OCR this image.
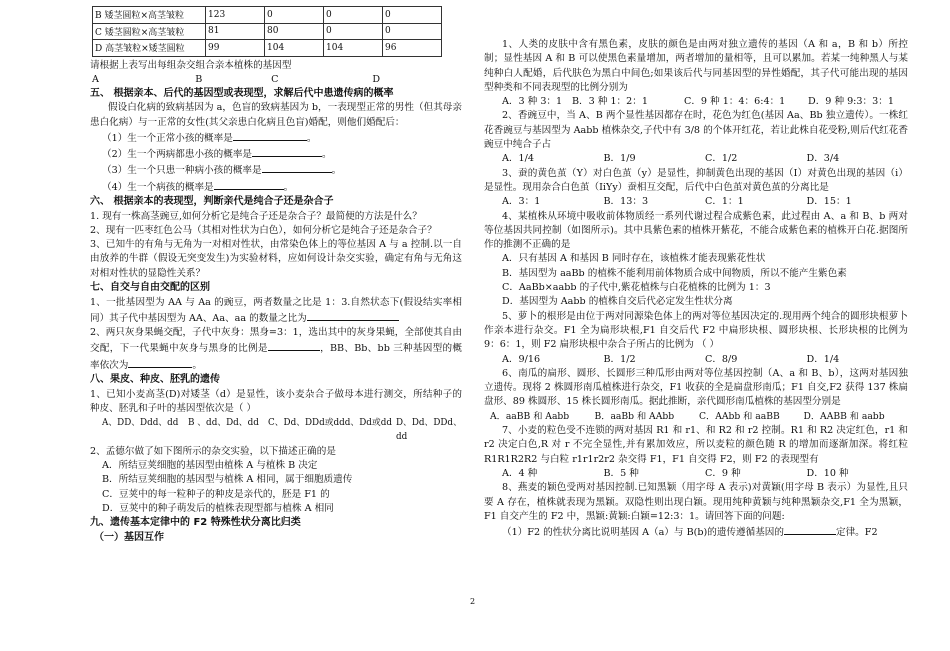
B 矮茎圆粒×高茎皱粒	123	0	0	0
C 矮茎圆粒×高茎皱粒	81	80	0	0
D 高茎皱粒×矮茎圆粒	99	104	104	96

请根据上表写出每组杂交组合亲本植株的基因型

A	B	C	D

五、 根据亲本、后代的基因型或表现型，求解后代中患遗传病的概率

假设白化病的致病基因为 a，色盲的致病基因为 b，一表现型正常的男性（但其母亲患白化病）与一正常的女性(其父亲患白化病且色盲)婚配，则他们婚配后：

（1）生一个正常小孩的概率是	。

（2）生一个两病都患小孩的概率是	。

（3）生一个只患一种病小孩的概率是	。

（4）生一个病孩的概率是	。

六、 根据亲本的表现型，判断亲代是纯合子还是杂合子

1. 现有一株高茎豌豆,如何分析它是纯合子还是杂合子？最简便的方法是什么？

2、现有一匹枣红色公马（其相对性状为白色），如何分析它是纯合子还是杂合子？

3、已知牛的有角与无角为一对相对性状，由常染色体上的等位基因 A 与 a 控制.以一自由放养的牛群（假设无突变发生)为实验材料，应如何设计杂交实验，确定有角与无角这对相对性状的显隐性关系？

七、自交与自由交配的区别

1、一批基因型为 AA 与 Aa 的豌豆，两者数量之比是 1：3.自然状态下(假设结实率相同）其子代中基因型为 AA、Aa、aa 的数量之比为

2、两只灰身果蝇交配，子代中灰身：黑身=3：1，选出其中的灰身果蝇，全部使其自由交配，下一代果蝇中灰身与黑身的比例是	，BB、Bb、bb 三种基因型的概率依次为	。

八、果皮、种皮、胚乳的遗传

1、已知小麦高茎(D)对矮茎（d）是显性，该小麦杂合子做母本进行测交，所结种子的种皮、胚乳和子叶的基因型依次是（ ）

A、DD、Ddd、dd	B 、dd、Dd、dd	C、Dd、DDd或ddd、Dd或dd D、Dd、DDd、dd

2、孟德尔做了如下图所示的杂交实验，以下描述正确的是

A．所结豆荚细胞的基因型由植株 A 与植株 B 决定

B．所结豆荚细胞的基因型与植株 A 相同，属于细胞质遗传

C．豆荚中的每一粒种子的种皮是亲代的，胚是 F1 的

D．豆荚中的种子萌发后的植株表现型都与植株 A 相同

九、遗传基本定律中的 F2 特殊性状分离比归类

（一）基因互作

1、人类的皮肤中含有黑色素，皮肤的颜色是由两对独立遗传的基因（A 和 a，B 和 b）所控制；显性基因 A 和 B 可以使黑色素量增加，两者增加的量相等，且可以累加。若某一纯种黑人与某纯种白人配婚，后代肤色为黑白中间色;如果该后代与同基因型的异性婚配，其子代可能出现的基因型种类和不同表现型的比例分别为

A．3 种 3：1	B．3 种 1：2：1	C．9 种 1：4：6:4：1	D．9 种 9:3：3：1

2、香豌豆中，当 A、B 两个显性基因都存在时，花色为红色(基因 Aa、Bb 独立遗传）。一株红花香豌豆与基因型为 Aabb 植株杂交,子代中有 3/8 的个体开红花，若让此株自花受粉,则后代红花香豌豆中纯合子占

A．1/4	B．1/9	C．1/2	D．3/4

3、蚕的黄色茧（Y）对白色茧（y）是显性，抑制黄色出现的基因（I）对黄色出现的基因（i）是显性。现用杂合白色茧（IiYy）蚕相互交配，后代中白色茧对黄色茧的分离比是

A．3：1	B．13：3	C．1：1	D．15：1

4、某植株从环境中吸收前体物质经一系列代谢过程合成紫色素，此过程由 A、a 和 B、b 两对等位基因共同控制（如图所示)。其中具紫色素的植株开紫花，不能合成紫色素的植株开白花.据图所作的推测不正确的是

A．只有基因 A 和基因 B 同时存在，该植株才能表现紫花性状

B．基因型为 aaBb 的植株不能利用前体物质合成中间物质，所以不能产生紫色素

C．AaBb×aabb 的子代中,紫花植株与白花植株的比例为 1：3

D．基因型为 Aabb 的植株自交后代必定发生性状分离

5、萝卜的根形是由位于两对同源染色体上的两对等位基因决定的.现用两个纯合的圆形块根萝卜作亲本进行杂交。F1 全为扁形块根,F1 自交后代 F2 中扁形块根、圆形块根、长形块根的比例为 9：6：1，则 F2 扁形块根中杂合子所占的比例为 （ ）

A．9/16	B．1/2	C．8/9	D．1/4

6、南瓜的扁形、圆形、长圆形三种瓜形由两对等位基因控制（A、a 和 B、b），这两对基因独立遗传。现将 2 株圆形南瓜植株进行杂交，F1 收获的全是扁盘形南瓜；F1 自交,F2 获得 137 株扁盘形、89 株圆形、15 株长圆形南瓜。据此推断，亲代圆形南瓜植株的基因型分别是

A．aaBB 和 Aabb	B．aaBb 和 AAbb	C．AAbb 和 aaBB	D．AABB 和 aabb

7、小麦的粒色受不连锁的两对基因 R1 和 r1、和 R2 和 r2 控制。R1 和 R2 决定红色，r1 和 r2 决定白色,R 对 r 不完全显性,并有累加效应，所以麦粒的颜色随 R 的增加而逐渐加深。将红粒 R1R1R2R2 与白粒 r1r1r2r2 杂交得 F1，F1 自交得 F2，则 F2 的表现型有

A．4 种	B．5 种	C．9 种	D．10 种

8、燕麦的颖色受两对基因控制.已知黑颖（用字母 A 表示)对黄颖(用字母 B 表示）为显性,且只要 A 存在，植株就表现为黑颖。双隐性则出现白颖。现用纯种黄颖与纯种黑颖杂交,F1 全为黑颖，F1 自交产生的 F2 中，黑颖:黄颖:白颖=12:3：1。请回答下面的问题:

（1）F2 的性状分离比说明基因 A（a）与 B(b)的遗传遵循基因的	定律。F2

2
